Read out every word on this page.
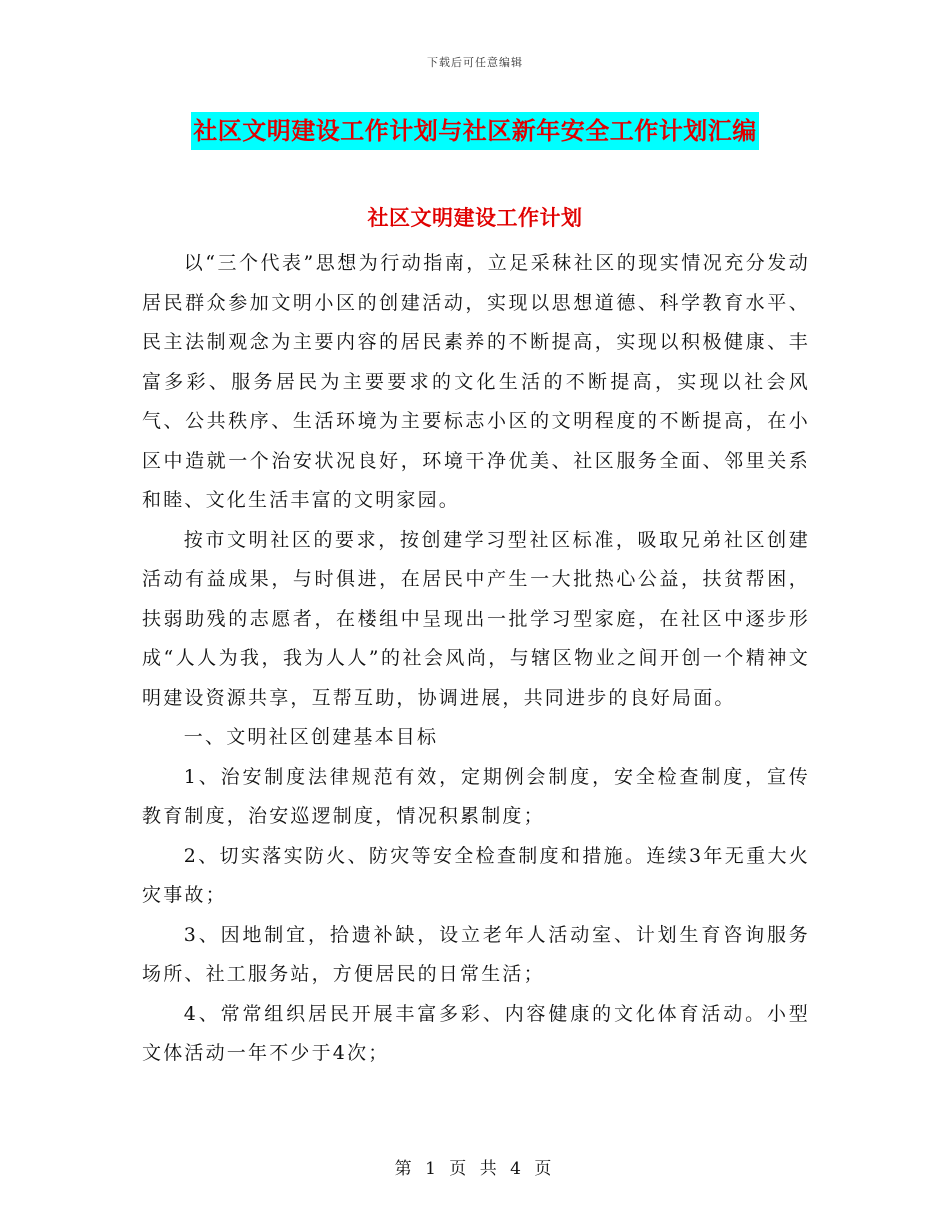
下载后可任意编辑
社区文明建设工作计划与社区新年安全工作计划汇编
社区文明建设工作计划

以“三个代表”思想为行动指南，立足采秣社区的现实情况充分发动居民群众参加文明小区的创建活动，实现以思想道德、科学教育水平、民主法制观念为主要内容的居民素养的不断提高，实现以积极健康、丰富多彩、服务居民为主要要求的文化生活的不断提高，实现以社会风气、公共秩序、生活环境为主要标志小区的文明程度的不断提高，在小区中造就一个治安状况良好，环境干净优美、社区服务全面、邻里关系和睦、文化生活丰富的文明家园。

按市文明社区的要求，按创建学习型社区标准，吸取兄弟社区创建活动有益成果，与时俱进，在居民中产生一大批热心公益，扶贫帮困，扶弱助残的志愿者，在楼组中呈现出一批学习型家庭，在社区中逐步形成“人人为我，我为人人”的社会风尚，与辖区物业之间开创一个精神文明建设资源共享，互帮互助，协调进展，共同进步的良好局面。

一、文明社区创建基本目标

1、治安制度法律规范有效，定期例会制度，安全检查制度，宣传教育制度，治安巡逻制度，情况积累制度；

2、切实落实防火、防灾等安全检查制度和措施。连续3年无重大火灾事故；

3、因地制宜，拾遗补缺，设立老年人活动室、计划生育咨询服务场所、社工服务站，方便居民的日常生活；

4、常常组织居民开展丰富多彩、内容健康的文化体育活动。小型文体活动一年不少于4次；

第 1 页 共 4 页
